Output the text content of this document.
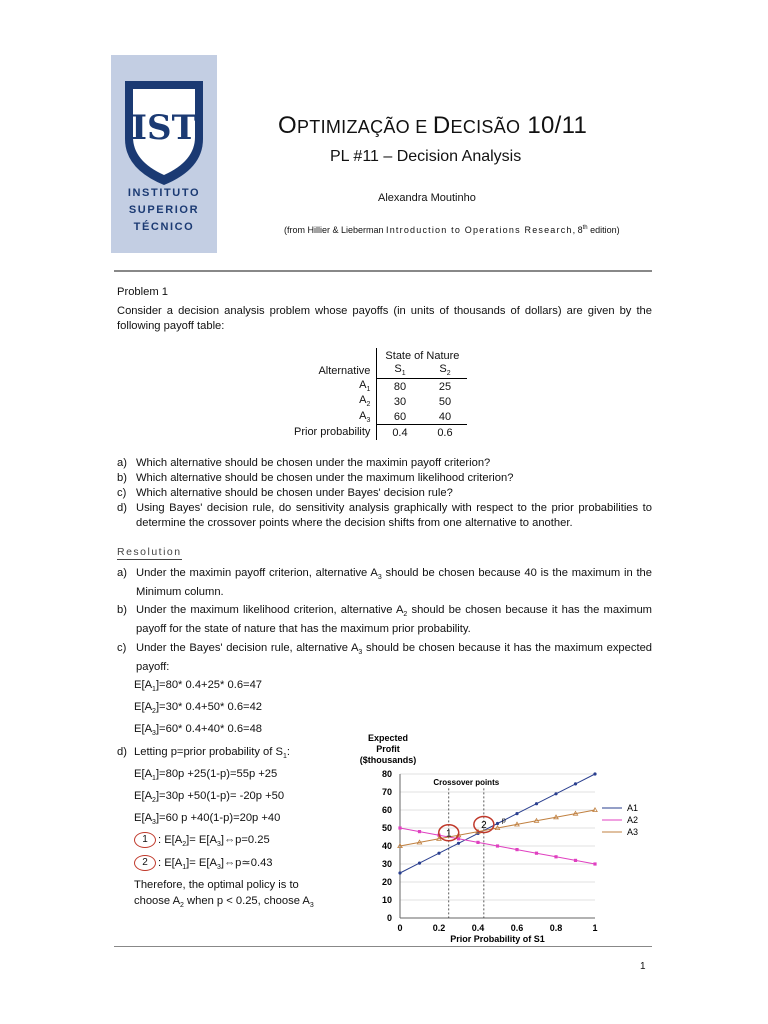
IST
INSTITUTO
SUPERIOR
TÉCNICO
OPTIMIZAÇÃO E DECISÃO 10/11
PL #11 – Decision Analysis
Alexandra Moutinho
(from Hillier & Lieberman Introduction to Operations Research, 8th edition)
Problem 1
Consider a decision analysis problem whose payoffs (in units of thousands of dollars) are given by the following payoff table:
	State of Nature	
Alternative	$S_1$	$S_2$
$A_1$	80	25
$A_2$	30	50
$A_3$	60	40
Prior probability	0.4	0.6
a) Which alternative should be chosen under the maximin payoff criterion?
b) Which alternative should be chosen under the maximum likelihood criterion?
c) Which alternative should be chosen under Bayes' decision rule?
d) Using Bayes' decision rule, do sensitivity analysis graphically with respect to the prior probabilities to determine the crossover points where the decision shifts from one alternative to another.
Resolution
a) Under the maximin payoff criterion, alternative $A_3$ should be chosen because 40 is the maximum in the Minimum column.
b) Under the maximum likelihood criterion, alternative $A_2$ should be chosen because it has the maximum payoff for the state of nature that has the maximum prior probability.
c) Under the Bayes' decision rule, alternative $A_3$ should be chosen because it has the maximum expected payoff:
$E[A_1]=80*$ 0.4+25* 0.6=47
$E[A_2]=30*$ 0.4+50* 0.6=42
$E[A_3]=60*$ 0.4+40* 0.6=48
d) Letting p=prior probability of $S_1$:
$E[A_1]=80p +25(1-p)=55p +25$
$E[A_2]=30p +50(1-p)= -20p +50$
$E[A_3]=60$ p +40(1-p)=20p +40
1 : $E[A_2]=$ $E[A_3]\Leftrightarrow p=0.25$
2 : $E[A_1]=$ $E[A_3]\Leftrightarrow p≃0.43$
Therefore, the optimal policy is to
choose $A_2$ when p < 0.25, choose $A_3$
Expected
Profit
($thousands)
0
10
20
30
40
50
60
70
80
0	0.2	0.4	0.6	0.8	1
Prior Probability of S1
Crossover points
A1
A2
A3
1
2 p
1
